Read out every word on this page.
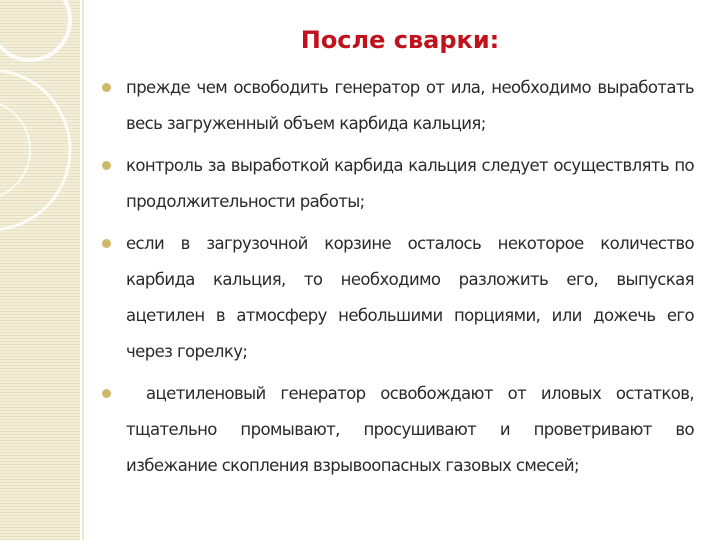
После сварки:
прежде чем освободить генератор от ила, необходимо выработать весь загруженный объем карбида кальция;
контроль за выработкой карбида кальция следует осуществлять по продолжительности работы;
если в загрузочной корзине осталось некоторое количество карбида кальция, то необходимо разложить его, выпуская ацетилен в атмосферу небольшими порциями, или дожечь его через горелку;
ацетиленовый генератор освобождают от иловых остатков, тщательно промывают, просушивают и проветривают во избежание скопления взрывоопасных газовых смесей;
